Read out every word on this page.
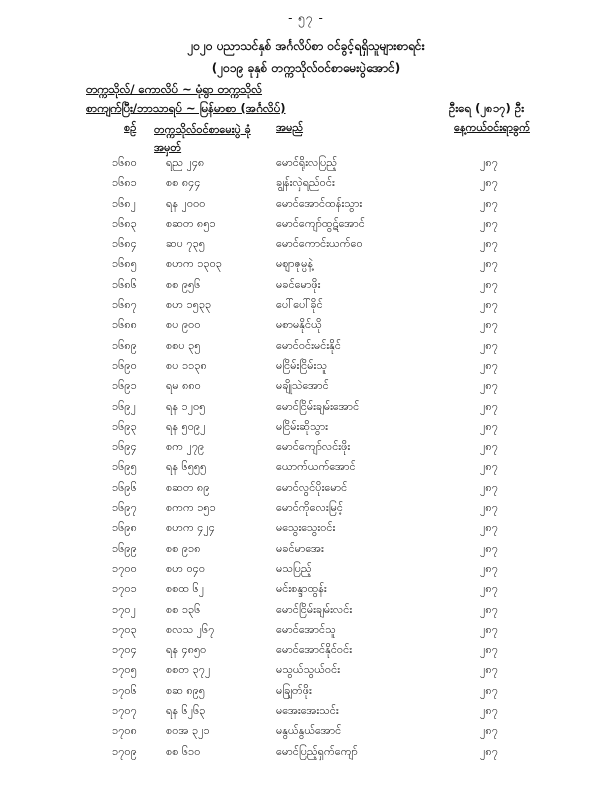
- ၅၇ -
၂၀၂၀ ပညာသင်နှစ် အင်္ဂလိပ်စာ ဝင်ခွင့်ရရှိသူများစာရင်း
(၂၀၁၉ ခုနှစ် တက္ကသိုလ်ဝင်စာမေးပွဲအောင်)
တက္ကသိုလ်/ ကောလိပ် ~ မုံရွာ တက္ကသိုလ်
စာကျက်ပြီး/ဘာသာရပ် ~ မြန်မာစာ (အင်္ဂလိပ်)	ဦးရေ (၂၈၁၇) ဦး
စဉ် တက္ကသိုလ်ဝင်စာမေးပွဲ ခုံအမှတ်
အမည်	နေ့ကယ်ဝင်းရာခွက်
၁၆၈၀	ရည ၂၄၈	မောင်ရိုးလပြည့်	၂၈၇
၁၆၈၁	စစ ၈၄၄	ချွန်းလှဲရည်ဝင်း	၂၈၇
၁၆၈၂	ရန ၂၀၀၀	မောင်အောင်ထန်းသွား	၂၈၇
၁၆၈၃	စဆတ ၈၅၁	မောင်ကျော်ထွဋ်အောင်	၂၈၇
၁၆၈၄	ဆပ ၇၃၅	မောင်ကောင်းယက်ဝေ	၂၈၇
၁၆၈၅	စဟက ၁၃၀၃	မဈာဇုမ္ပနဲ့	၂၈၇
၁၆၈၆	စစ ၉၅၆	မခင်မောဖိုး	၂၈၇
၁၆၈၇	စဟ ၁၅၃၃	ပေါ်ပေါ်ခိုင်	၂၈၇
၁၆၈၈	စပ ၉၀၀	မစာမနိုင်ယို	၂၈၇
၁၆၈၉	စစပ ၃၅	မောင်ဝင်းမင်းနိုင်	၂၈၇
၁၆၉၀	စပ ၁၁၃၈	မငြိမ်းငြိမ်းသူ	၂၈၇
၁၆၉၁	ရမ ၈၈၀	မချိုသဲအောင်	၂၈၇
၁၆၉၂	ရန ၁၂၀၅	မောင်ငြိမ်းချမ်းအောင်	၂၈၇
၁၆၉၃	ရန ၅၀၉၂	မငြိမ်းဆိုသွား	၂၈၇
၁၆၉၄	စက ၂၇၉	မောင်ကျော်လင်းဖိုး	၂၈၇
၁၆၉၅	ရန ၆၅၅၅	ယောက်ယက်အောင်	၂၈၇
၁၆၉၆	စဆတ ၈၉	မောင်လွင်ပိုးမောင်	၂၈၇
၁၆၉၇	စကက ၁၅၁	မောင်ကိုလေးမြင့်	၂၈၇
၁၆၉၈	စဟက ၄၂၄	မသွေးသွေးဝင်း	၂၈၇
၁၆၉၉	စစ ၉၁၈	မခင်မာအေး	၂၈၇
၁၇၀၀	စဟ ၀၄၀	မသပြည့်	၂၈၇
၁၇၀၁	စစထ ၆၂	မင်းစန္ဒာထွန်း	၂၈၇
၁၇၀၂	စစ ၁၃၆	မောင်ငြိမ်းချမ်းလင်း	၂၈၇
၁၇၀၃	စလသ ၂၆၇	မောင်အောင်သူ	၂၈၇
၁၇၀၄	ရန ၄၈၅၀	မောင်အောင်နိုင်ဝင်း	၂၈၇
၁၇၀၅	စစတ ၃၇၂	မသွယ်သွယ်ဝင်း	၂၈၇
၁၇၀၆	စဆ ၈၉၅	မချြတ်ဖိုး	၂၈၇
၁၇၀၇	ရန ၆၂၆၃	မအေးအေးသင်း	၂၈၇
၁၇၀၈	စဝအ ၃၂၁	မနွယ်နွယ်အောင်	၂၈၇
၁၇၀၉	စစ ၆၁၀	မောင်ပြည့်ရှက်ကျော်	၂၈၇
